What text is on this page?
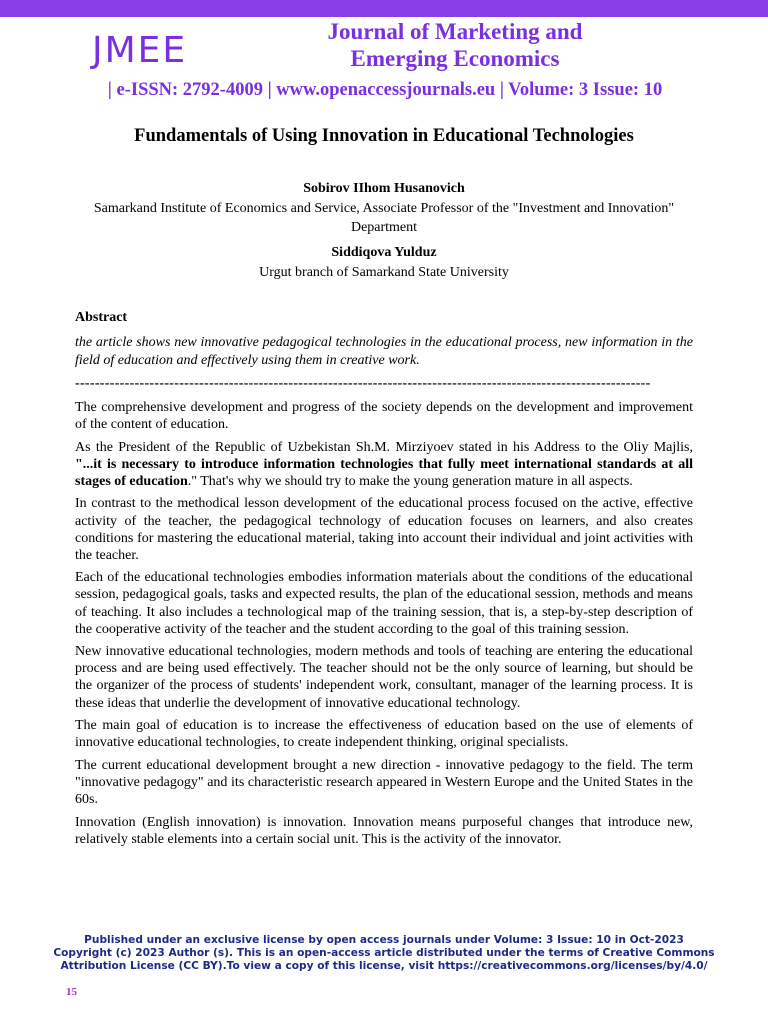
JMEE	Journal of Marketing and
Emerging Economics
| e-ISSN: 2792-4009 | www.openaccessjournals.eu | Volume: 3 Issue: 10
Fundamentals of Using Innovation in Educational Technologies
Sobirov IIhom Husanovich
Samarkand Institute of Economics and Service, Associate Professor of the "Investment and Innovation" Department
Siddiqova Yulduz
Urgut branch of Samarkand State University
Abstract
the article shows new innovative pedagogical technologies in the educational process, new information in the field of education and effectively using them in creative work.
--------------------------------------------------------------------------------------------------------------------

The comprehensive development and progress of the society depends on the development and improvement of the content of education.

As the President of the Republic of Uzbekistan Sh.M. Mirziyoev stated in his Address to the Oliy Majlis, "...it is necessary to introduce information technologies that fully meet international standards at all stages of education." That's why we should try to make the young generation mature in all aspects.

In contrast to the methodical lesson development of the educational process focused on the active, effective activity of the teacher, the pedagogical technology of education focuses on learners, and also creates conditions for mastering the educational material, taking into account their individual and joint activities with the teacher.

Each of the educational technologies embodies information materials about the conditions of the educational session, pedagogical goals, tasks and expected results, the plan of the educational session, methods and means of teaching. It also includes a technological map of the training session, that is, a step-by-step description of the cooperative activity of the teacher and the student according to the goal of this training session.

New innovative educational technologies, modern methods and tools of teaching are entering the educational process and are being used effectively. The teacher should not be the only source of learning, but should be the organizer of the process of students' independent work, consultant, manager of the learning process. It is these ideas that underlie the development of innovative educational technology.

The main goal of education is to increase the effectiveness of education based on the use of elements of innovative educational technologies, to create independent thinking, original specialists.

The current educational development brought a new direction - innovative pedagogy to the field. The term "innovative pedagogy" and its characteristic research appeared in Western Europe and the United States in the 60s.

Innovation (English innovation) is innovation. Innovation means purposeful changes that introduce new, relatively stable elements into a certain social unit. This is the activity of the innovator.

Published under an exclusive license by open access journals under Volume: 3 Issue: 10 in Oct-2023
Copyright (c) 2023 Author (s). This is an open-access article distributed under the terms of Creative Commons
Attribution License (CC BY).To view a copy of this license, visit https://creativecommons.org/licenses/by/4.0/
15
